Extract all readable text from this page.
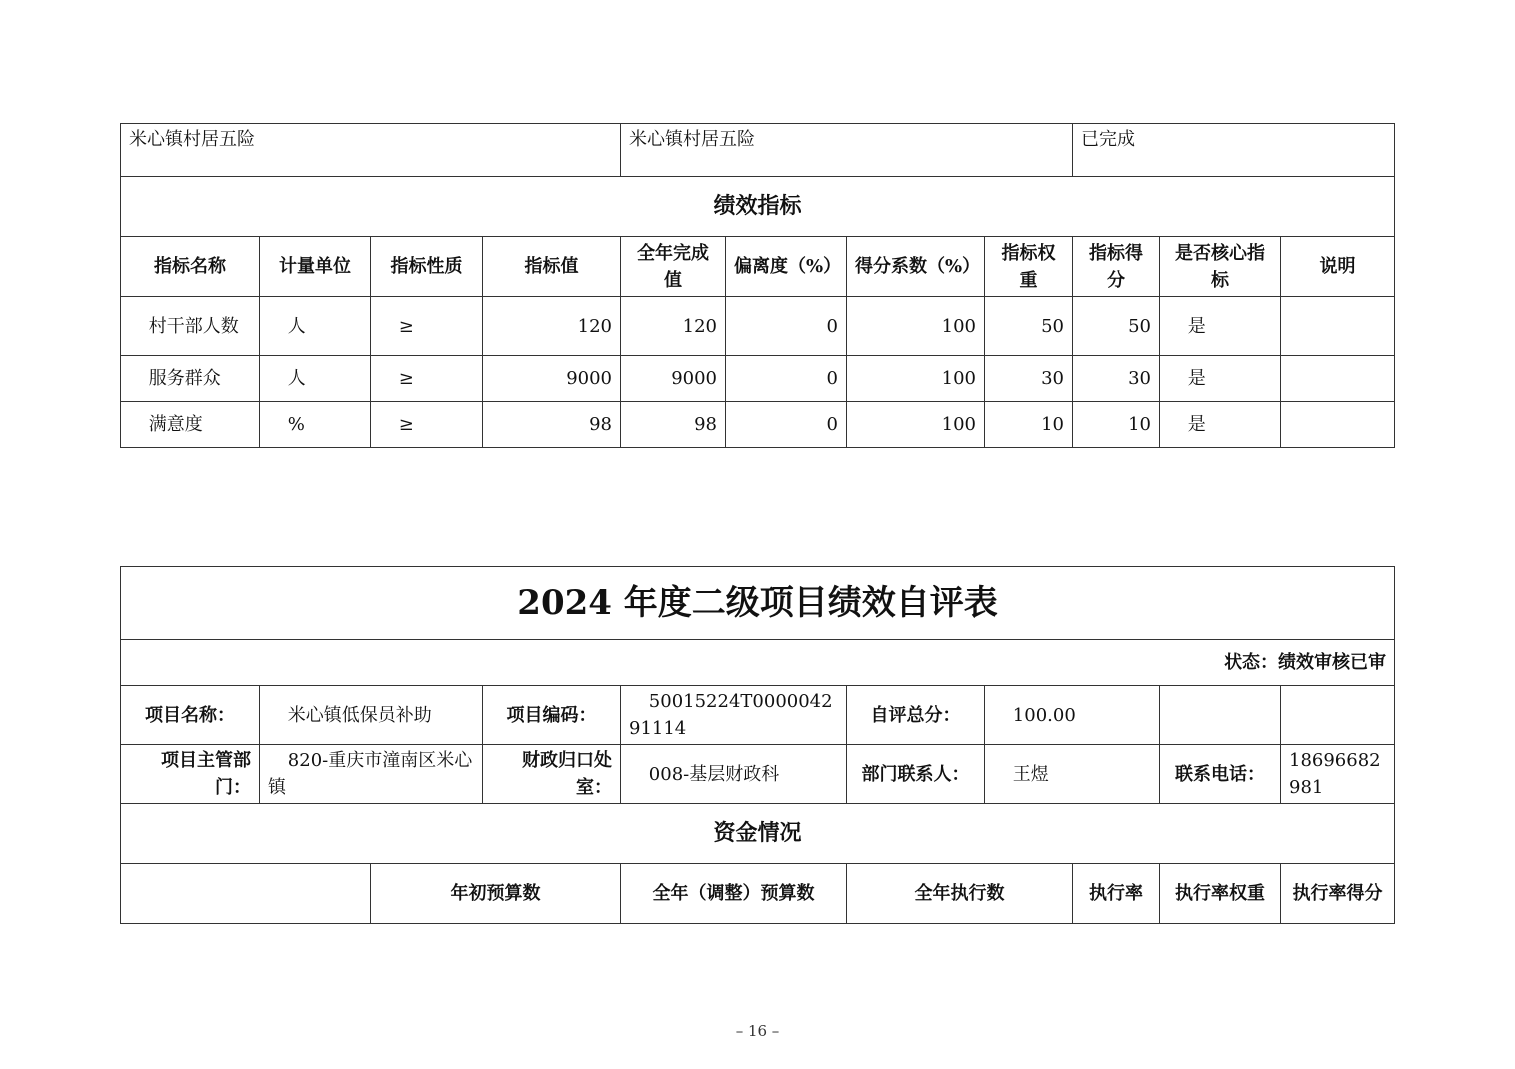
米心镇村居五险				米心镇村居五险				已完成		
绩效指标										
指标名称	计量单位	指标性质	指标值	全年完成值	偏离度（%）	得分系数（%）	指标权重	指标得分	是否核心指标	说明
村干部人数	人	≥	120	120	0	100	50	50	是	
服务群众	人	≥	9000	9000	0	100	30	30	是	
满意度	%	≥	98	98	0	100	10	10	是	
2024 年度二级项目绩效自评表									
状态：绩效审核已审									
项目名称：	米心镇低保员补助		项目编码：	50015224T000004291114	自评总分：	100.00			
项目主管部门：	820-重庆市潼南区米心镇		财政归口处室：	008-基层财政科	部门联系人：	王煜		联系电话：	18696682981
资金情况									
		年初预算数		全年（调整）预算数	全年执行数		执行率	执行率权重	执行率得分
– 16 –
